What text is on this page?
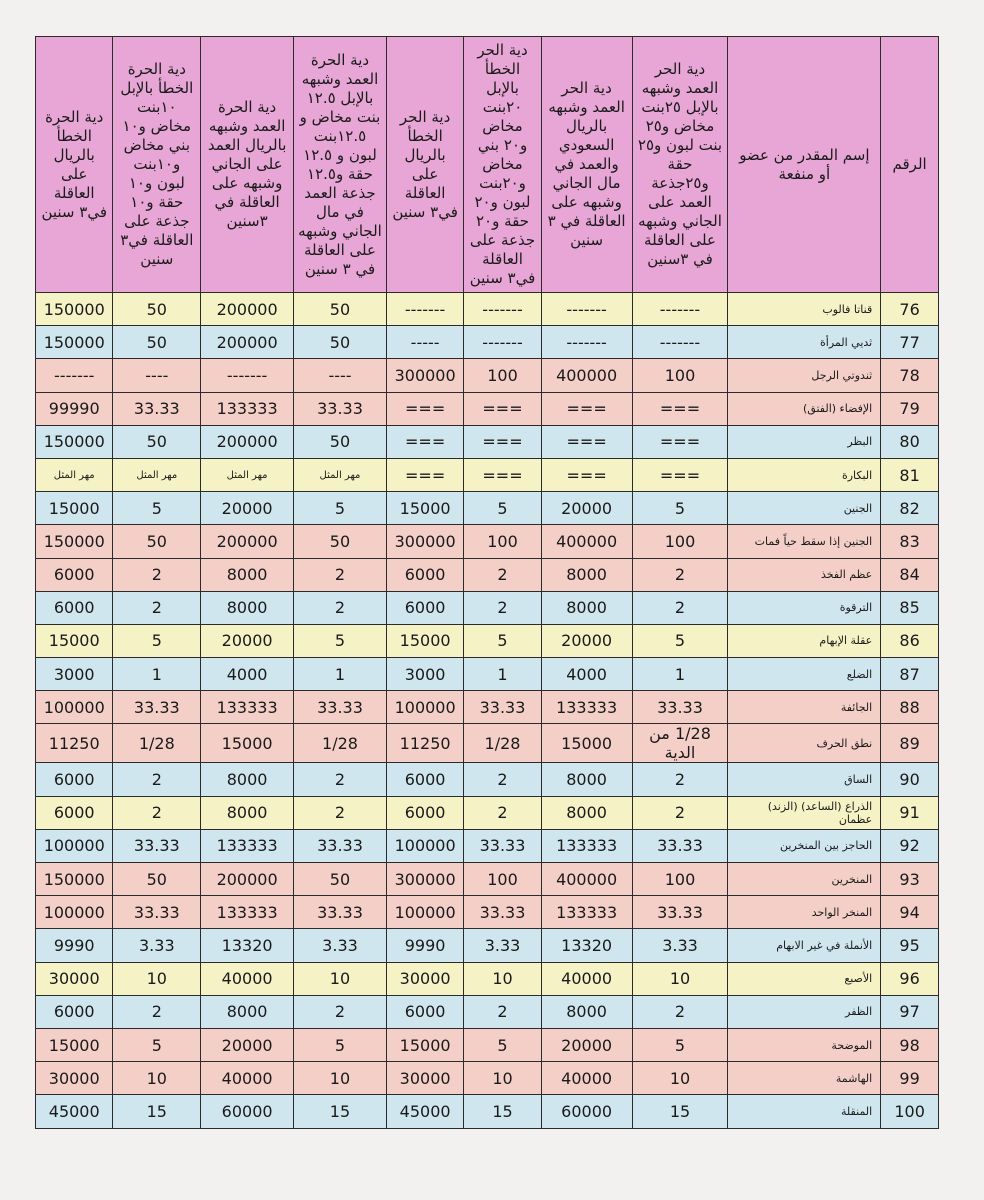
الرقم	إسم المقدر من عضو أو منفعة	دية الحر العمد وشبهه بالإبل ٢٥بنت مخاض و٢٥ بنت لبون و٢٥ حقة و٢٥جذعة العمد على الجاني وشبهه على العاقلة في ٣سنين	دية الحر العمد وشبهه بالريال السعودي والعمد في مال الجاني وشبهه على العاقلة في ٣ سنين	دية الحر الخطأ بالإبل ٢٠بنت مخاض و٢٠ بني مخاض و٢٠بنت لبون و٢٠ حقة و٢٠ جذعة على العاقلة في٣ سنين	دية الحر الخطأ بالريال على العاقلة في٣ سنين	دية الحرة العمد وشبهه بالإبل ١٢.٥ بنت مخاض و ١٢.٥بنت لبون و ١٢.٥ حقة و١٢.٥ جذعة العمد في مال الجاني وشبهه على العاقلة في ٣ سنين	دية الحرة العمد وشبهه بالريال العمد على الجاني وشبهه على العاقلة في ٣سنين	دية الحرة الخطأ بالإبل ١٠بنت مخاض و١٠ بني مخاض و١٠بنت لبون و١٠ حقة و١٠ جذعة على العاقلة في٣ سنين	دية الحرة الخطأ بالريال على العاقلة في٣ سنين
76	قناتا فالوب	-------	-------	-------	-------	50	200000	50	150000
77	ثديي المرأة	-------	-------	-------	-----	50	200000	50	150000
78	ثندوتي الرجل	100	400000	100	300000	----	-------	----	-------
79	الإفضاء (الفتق)	===	===	===	===	33.33	133333	33.33	99990
80	البظر	===	===	===	===	50	200000	50	150000
81	البكارة	===	===	===	===	مهر المثل	مهر المثل	مهر المثل	مهر المثل
82	الجنين	5	20000	5	15000	5	20000	5	15000
83	الجنين إذا سقط حياً فمات	100	400000	100	300000	50	200000	50	150000
84	عظم الفخذ	2	8000	2	6000	2	8000	2	6000
85	الترقوة	2	8000	2	6000	2	8000	2	6000
86	عقلة الإبهام	5	20000	5	15000	5	20000	5	15000
87	الضلع	1	4000	1	3000	1	4000	1	3000
88	الجائفة	33.33	133333	33.33	100000	33.33	133333	33.33	100000
89	نطق الحرف	1/28 من الدية	15000	1/28	11250	1/28	15000	1/28	11250
90	الساق	2	8000	2	6000	2	8000	2	6000
91	الذراع (الساعد) (الزند) عظمان	2	8000	2	6000	2	8000	2	6000
92	الحاجز بين المنخرين	33.33	133333	33.33	100000	33.33	133333	33.33	100000
93	المنخرين	100	400000	100	300000	50	200000	50	150000
94	المنخر الواحد	33.33	133333	33.33	100000	33.33	133333	33.33	100000
95	الأنملة في غير الابهام	3.33	13320	3.33	9990	3.33	13320	3.33	9990
96	الأصبع	10	40000	10	30000	10	40000	10	30000
97	الظفر	2	8000	2	6000	2	8000	2	6000
98	الموضحة	5	20000	5	15000	5	20000	5	15000
99	الهاشمة	10	40000	10	30000	10	40000	10	30000
100	المنقلة	15	60000	15	45000	15	60000	15	45000
